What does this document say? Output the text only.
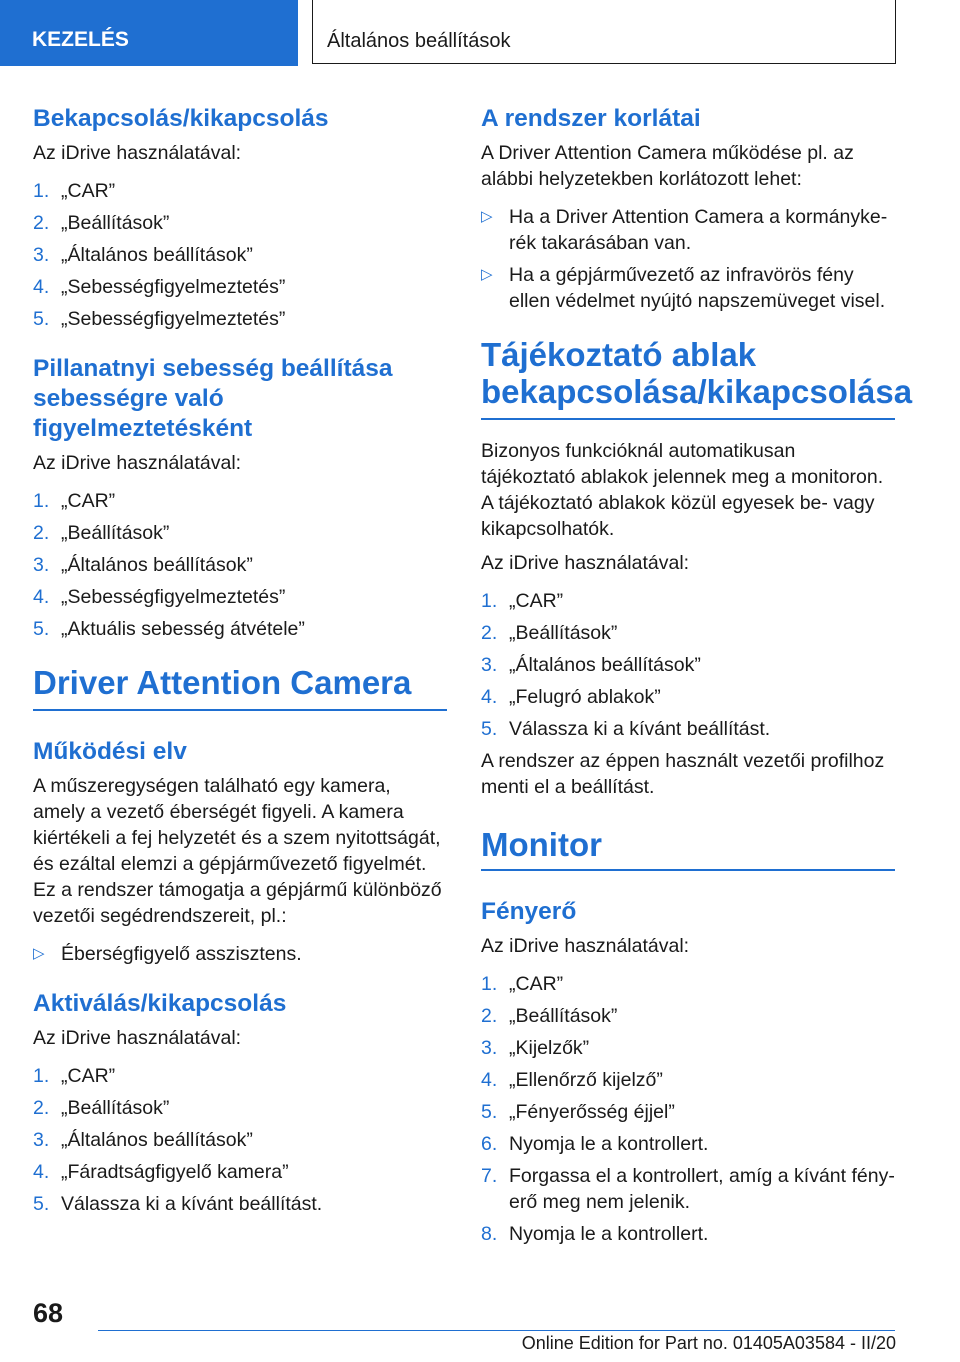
KEZELÉS	Általános beállítások
Bekapcsolás/kikapcsolás

Az iDrive használatával:

1. „CAR”
2. „Beállítások”
3. „Általános beállítások”
4. „Sebességfigyelmeztetés”
5. „Sebességfigyelmeztetés”
Pillanatnyi sebesség beállítása
sebességre való
figyelmeztetésként

Az iDrive használatával:

1. „CAR”
2. „Beállítások”
3. „Általános beállítások”
4. „Sebességfigyelmeztetés”
5. „Aktuális sebesség átvétele”
Driver Attention Camera
Működési elv

A műszeregységen található egy kamera, amely a vezető éberségét figyeli. A kamera kiértékeli a fej helyzetét és a szem nyitottságát, és ezáltal elemzi a gépjárművezető figyelmét. Ez a rendszer támogatja a gépjármű különböző vezetői segédrendszereit, pl.:

▷ Éberségfigyelő asszisztens.
Aktiválás/kikapcsolás

Az iDrive használatával:

1. „CAR”
2. „Beállítások”
3. „Általános beállítások”
4. „Fáradtságfigyelő kamera”
5. Válassza ki a kívánt beállítást.
A rendszer korlátai

A Driver Attention Camera működése pl. az alábbi helyzetekben korlátozott lehet:

▷ Ha a Driver Attention Camera a kormányke-rék takarásában van.
▷ Ha a gépjárművezető az infravörös fény ellen védelmet nyújtó napszemüveget visel.
Tájékoztató ablak
bekapcsolása/kikapcsolása

Bizonyos funkcióknál automatikusan tájékoztató ablakok jelennek meg a monitoron. A tájékoztató ablakok közül egyesek be- vagy kikapcsolhatók.

Az iDrive használatával:

1. „CAR”
2. „Beállítások”
3. „Általános beállítások”
4. „Felugró ablakok”
5. Válassza ki a kívánt beállítást.

A rendszer az éppen használt vezetői profilhoz menti el a beállítást.

Monitor
Fényerő

Az iDrive használatával:

1. „CAR”
2. „Beállítások”
3. „Kijelzők”
4. „Ellenőrző kijelző”
5. „Fényerősség éjjel”
6. Nyomja le a kontrollert.
7. Forgassa el a kontrollert, amíg a kívánt fény-erő meg nem jelenik.
8. Nyomja le a kontrollert.
68
Online Edition for Part no. 01405A03584 - II/20
